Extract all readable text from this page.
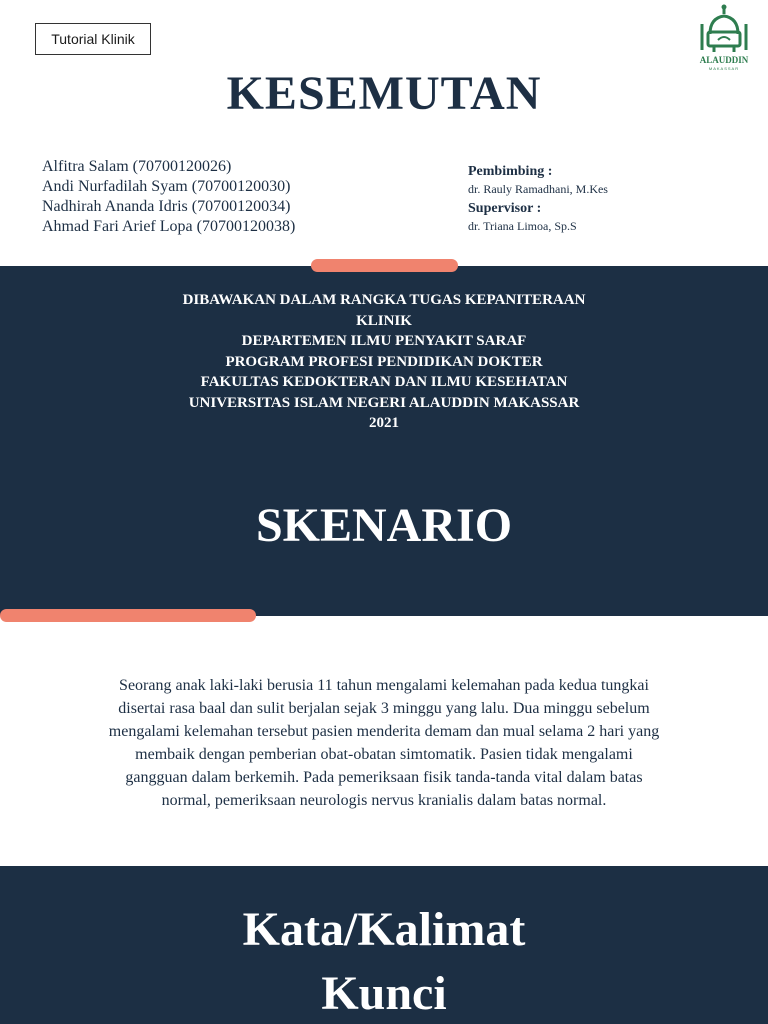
Tutorial Klinik
ALAUDDIN
MAKASSAR
KESEMUTAN
Alfitra Salam (70700120026)
Andi Nurfadilah Syam (70700120030)
Nadhirah Ananda Idris (70700120034)
Ahmad Fari Arief Lopa (70700120038)
Pembimbing :
dr. Rauly Ramadhani, M.Kes
Supervisor :
dr. Triana Limoa, Sp.S
DIBAWAKAN DALAM RANGKA TUGAS KEPANITERAAN
KLINIK
DEPARTEMEN ILMU PENYAKIT SARAF
PROGRAM PROFESI PENDIDIKAN DOKTER
FAKULTAS KEDOKTERAN DAN ILMU KESEHATAN
UNIVERSITAS ISLAM NEGERI ALAUDDIN MAKASSAR
2021
SKENARIO
Seorang anak laki-laki berusia 11 tahun mengalami kelemahan pada kedua tungkai
disertai rasa baal dan sulit berjalan sejak 3 minggu yang lalu. Dua minggu sebelum
mengalami kelemahan tersebut pasien menderita demam dan mual selama 2 hari yang
membaik dengan pemberian obat-obatan simtomatik. Pasien tidak mengalami
gangguan dalam berkemih. Pada pemeriksaan fisik tanda-tanda vital dalam batas
normal, pemeriksaan neurologis nervus kranialis dalam batas normal.
Kata/Kalimat
Kunci
